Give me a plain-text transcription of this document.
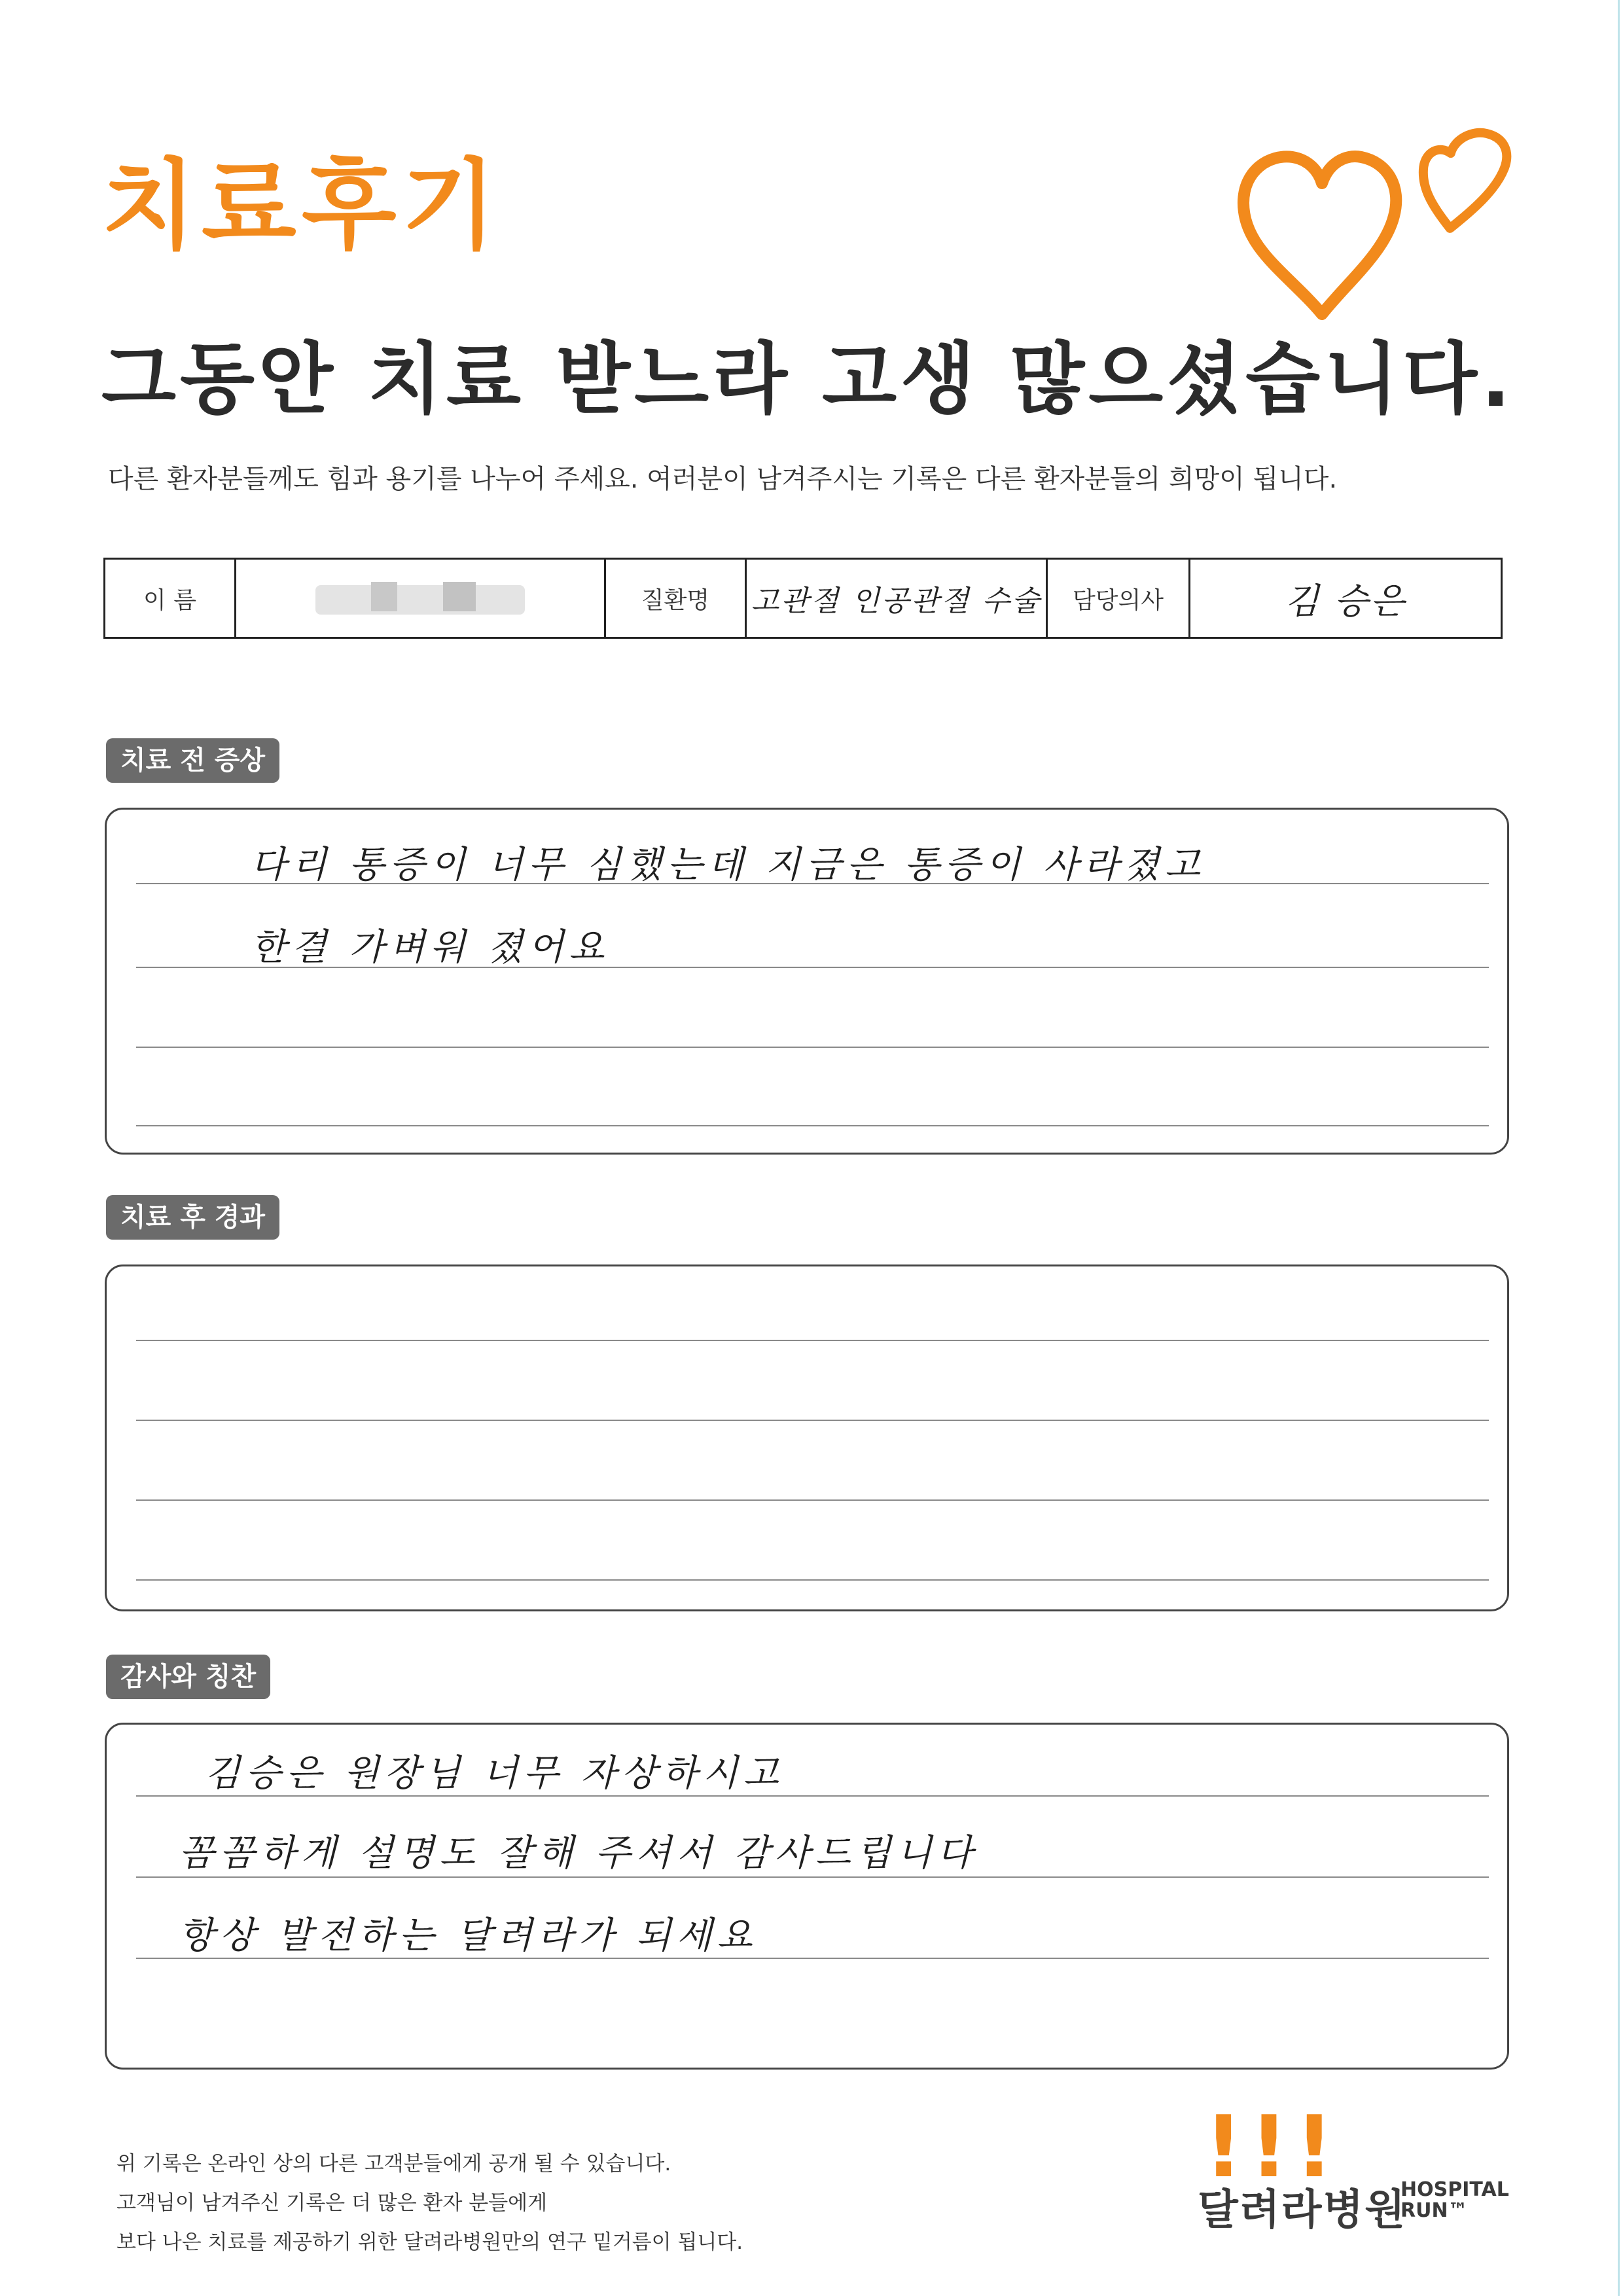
치료후기
그동안 치료 받느라 고생 많으셨습니다.
다른 환자분들께도 힘과 용기를 나누어 주세요. 여러분이 남겨주시는 기록은 다른 환자분들의 희망이 됩니다.
이 름	질환명	고관절 인공관절 수술	담당의사	김 승은
치료 전 증상
다리 통증이 너무 심했는데 지금은 통증이 사라졌고
한결 가벼워 졌어요
치료 후 경과
감사와 칭찬
김승은 원장님 너무 자상하시고
꼼꼼하게 설명도 잘해 주셔서 감사드립니다
항상 발전하는 달려라가 되세요
위 기록은 온라인 상의 다른 고객분들에게 공개 될 수 있습니다.
고객님이 남겨주신 기록은 더 많은 환자 분들에게
보다 나은 치료를 제공하기 위한 달려라병원만의 연구 밑거름이 됩니다.
!!!
달려라병원
HOSPITAL
RUN™
